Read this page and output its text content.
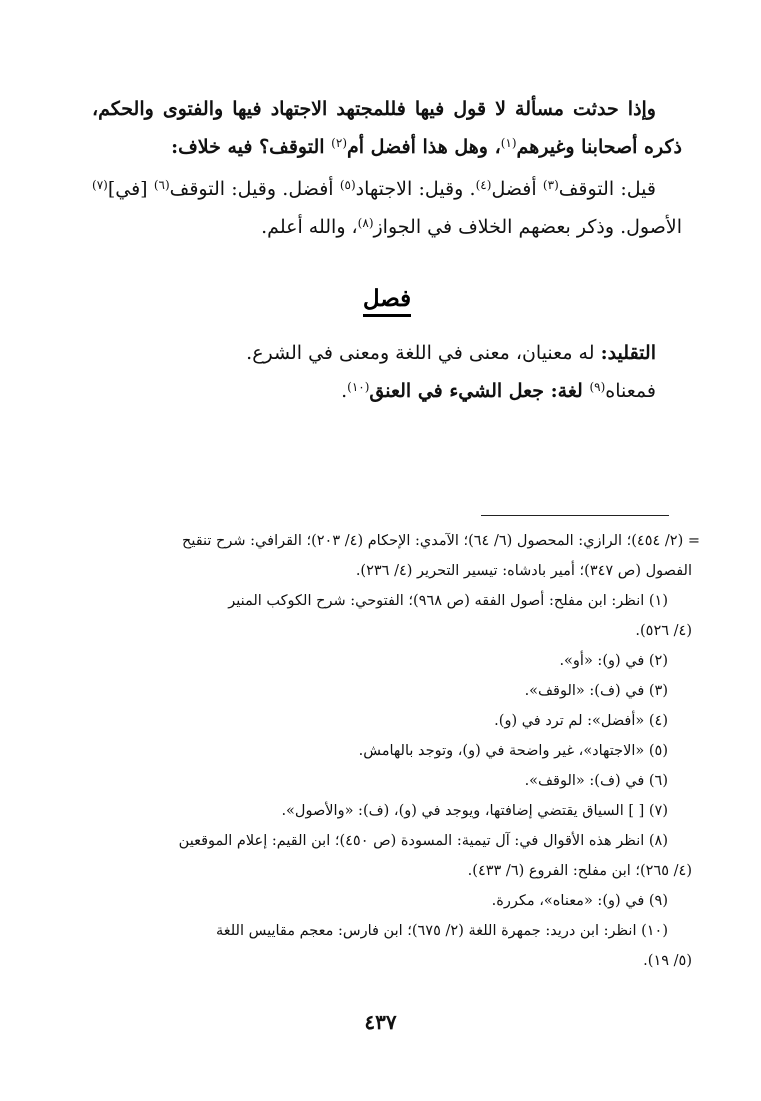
وإذا حدثت مسألة لا قول فيها فللمجتهد الاجتهاد فيها والفتوى والحكم، ذكره أصحابنا وغيرهم$^{(١)}$، وهل هذا أفضل أم$^{(٢)}$ التوقف؟ فيه خلاف:

قيل: التوقف$^{(٣)}$ أفضل$^{(٤)}$. وقيل: الاجتهاد$^{(٥)}$ أفضل. وقيل: التوقف$^{(٦)}$ [في]$^{(٧)}$ الأصول. وذكر بعضهم الخلاف في الجواز$^{(٨)}$، والله أعلم.

فصل

التقليد: له معنيان، معنى في اللغة ومعنى في الشرع.

فمعناه$^{(٩)}$ لغة: جعل الشيء في العنق$^{(١٠)}$.

= (٢/ ٤٥٤)؛ الرازي: المحصول (٦/ ٦٤)؛ الآمدي: الإحكام (٤/ ٢٠٣)؛ القرافي: شرح تنقيح

الفصول (ص ٣٤٧)؛ أمير بادشاه: تيسير التحرير (٤/ ٢٣٦).

(١) انظر: ابن مفلح: أصول الفقه (ص ٩٦٨)؛ الفتوحي: شرح الكوكب المنير

(٤/ ٥٢٦).

(٢) في (و): «أو».

(٣) في (ف): «الوقف».

(٤) «أفضل»: لم ترد في (و).

(٥) «الاجتهاد»، غير واضحة في (و)، وتوجد بالهامش.

(٦) في (ف): «الوقف».

(٧) [ ] السياق يقتضي إضافتها، ويوجد في (و)، (ف): «والأصول».

(٨) انظر هذه الأقوال في: آل تيمية: المسودة (ص ٤٥٠)؛ ابن القيم: إعلام الموقعين

(٤/ ٢٦٥)؛ ابن مفلح: الفروع (٦/ ٤٣٣).

(٩) في (و): «معناه»، مكررة.

(١٠) انظر: ابن دريد: جمهرة اللغة (٢/ ٦٧٥)؛ ابن فارس: معجم مقاييس اللغة

(٥/ ١٩).

٤٣٧
